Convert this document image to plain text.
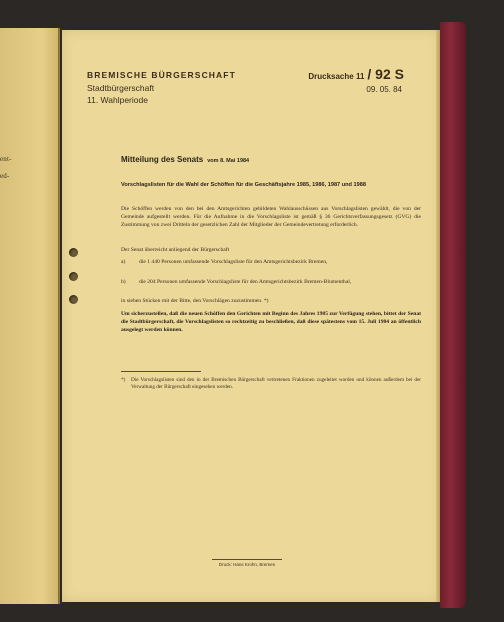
ent-
ed-
BREMISCHE BÜRGERSCHAFT
Stadtbürgerschaft
11. Wahlperiode
Drucksache 11 / 92 S
09. 05. 84
Mitteilung des Senats vom 8. Mai 1984
Vorschlagslisten für die Wahl der Schöffen für die Geschäftsjahre 1985, 1986, 1987 und 1988
Die Schöffen werden von den bei den Amtsgerichten gebildeten Wahlausschüssen aus Vorschlagslisten gewählt, die von der Gemeinde aufgestellt werden. Für die Aufnahme in die Vorschlagsliste ist gemäß § 36 Gerichtsverfassungsgesetz (GVG) die Zustimmung von zwei Dritteln der gesetzlichen Zahl der Mitglieder der Gemeindevertretung erforderlich.
Der Senat überreicht anliegend der Bürgerschaft
a)	die 1 440 Personen umfassende Vorschlagsliste für den Amtsgerichtsbezirk Bremen,
b)	die 204 Personen umfassende Vorschlagsliste für den Amtsgerichtsbezirk Bremen-Blumenthal,
in sieben Stücken mit der Bitte, den Vorschlägen zuzustimmen. *)
Um sicherzustellen, daß die neuen Schöffen den Gerichten mit Beginn des Jahres 1985 zur Verfügung stehen, bittet der Senat die Stadtbürgerschaft, die Vorschlagslisten so rechtzeitig zu beschließen, daß diese spätestens vom 15. Juli 1984 an öffentlich ausgelegt werden können.
*)	Die Vorschlagslisten sind den in der Bremischen Bürgerschaft vertretenen Fraktionen zugeleitet worden und können außerdem bei der Verwaltung der Bürgerschaft eingesehen werden.
Druck: Hans Krohn, Bremen
